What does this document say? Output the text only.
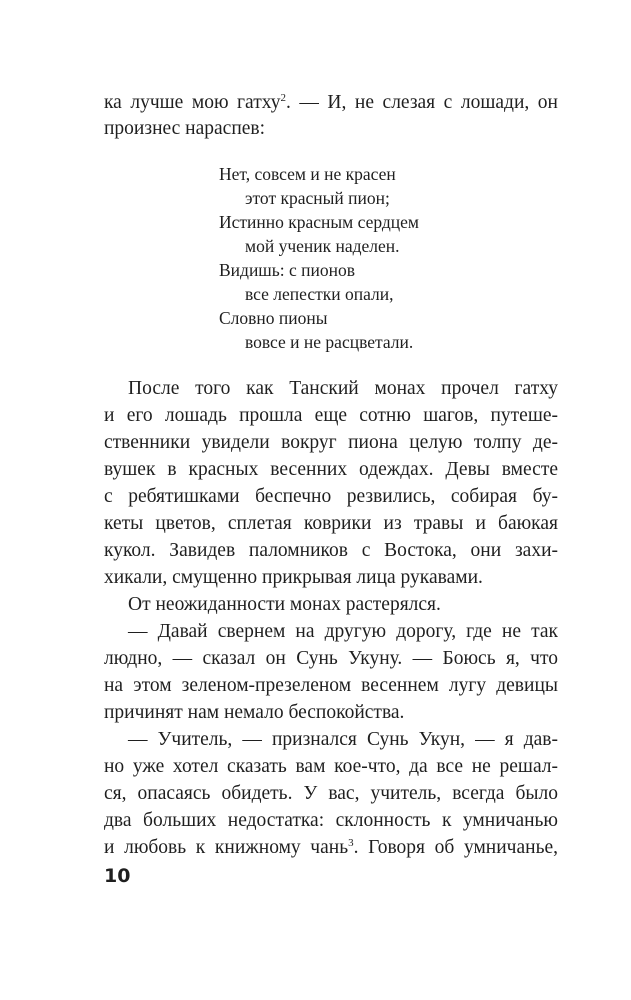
ка лучше мою гатху$^2$. — И, не слезая с лошади, он
произнес нараспев:
Нет, совсем и не красен
этот красный пион;
Истинно красным сердцем
мой ученик наделен.
Видишь: с пионов
все лепестки опали,
Словно пионы
вовсе и не расцветали.
После того как Танский монах прочел гатху
и его лошадь прошла еще сотню шагов, путеше-
ственники увидели вокруг пиона целую толпу де-
вушек в красных весенних одеждах. Девы вместе
с ребятишками беспечно резвились, собирая бу-
кеты цветов, сплетая коврики из травы и баюкая
кукол. Завидев паломников с Востока, они захи-
хикали, смущенно прикрывая лица рукавами.
От неожиданности монах растерялся.
— Давай свернем на другую дорогу, где не так
людно, — сказал он Сунь Укуну. — Боюсь я, что
на этом зеленом-презеленом весеннем лугу девицы
причинят нам немало беспокойства.
— Учитель, — признался Сунь Укун, — я дав-
но уже хотел сказать вам кое-что, да все не решал-
ся, опасаясь обидеть. У вас, учитель, всегда было
два больших недостатка: склонность к умничанью
и любовь к книжному чань$^3$. Говоря об умничанье,
10
